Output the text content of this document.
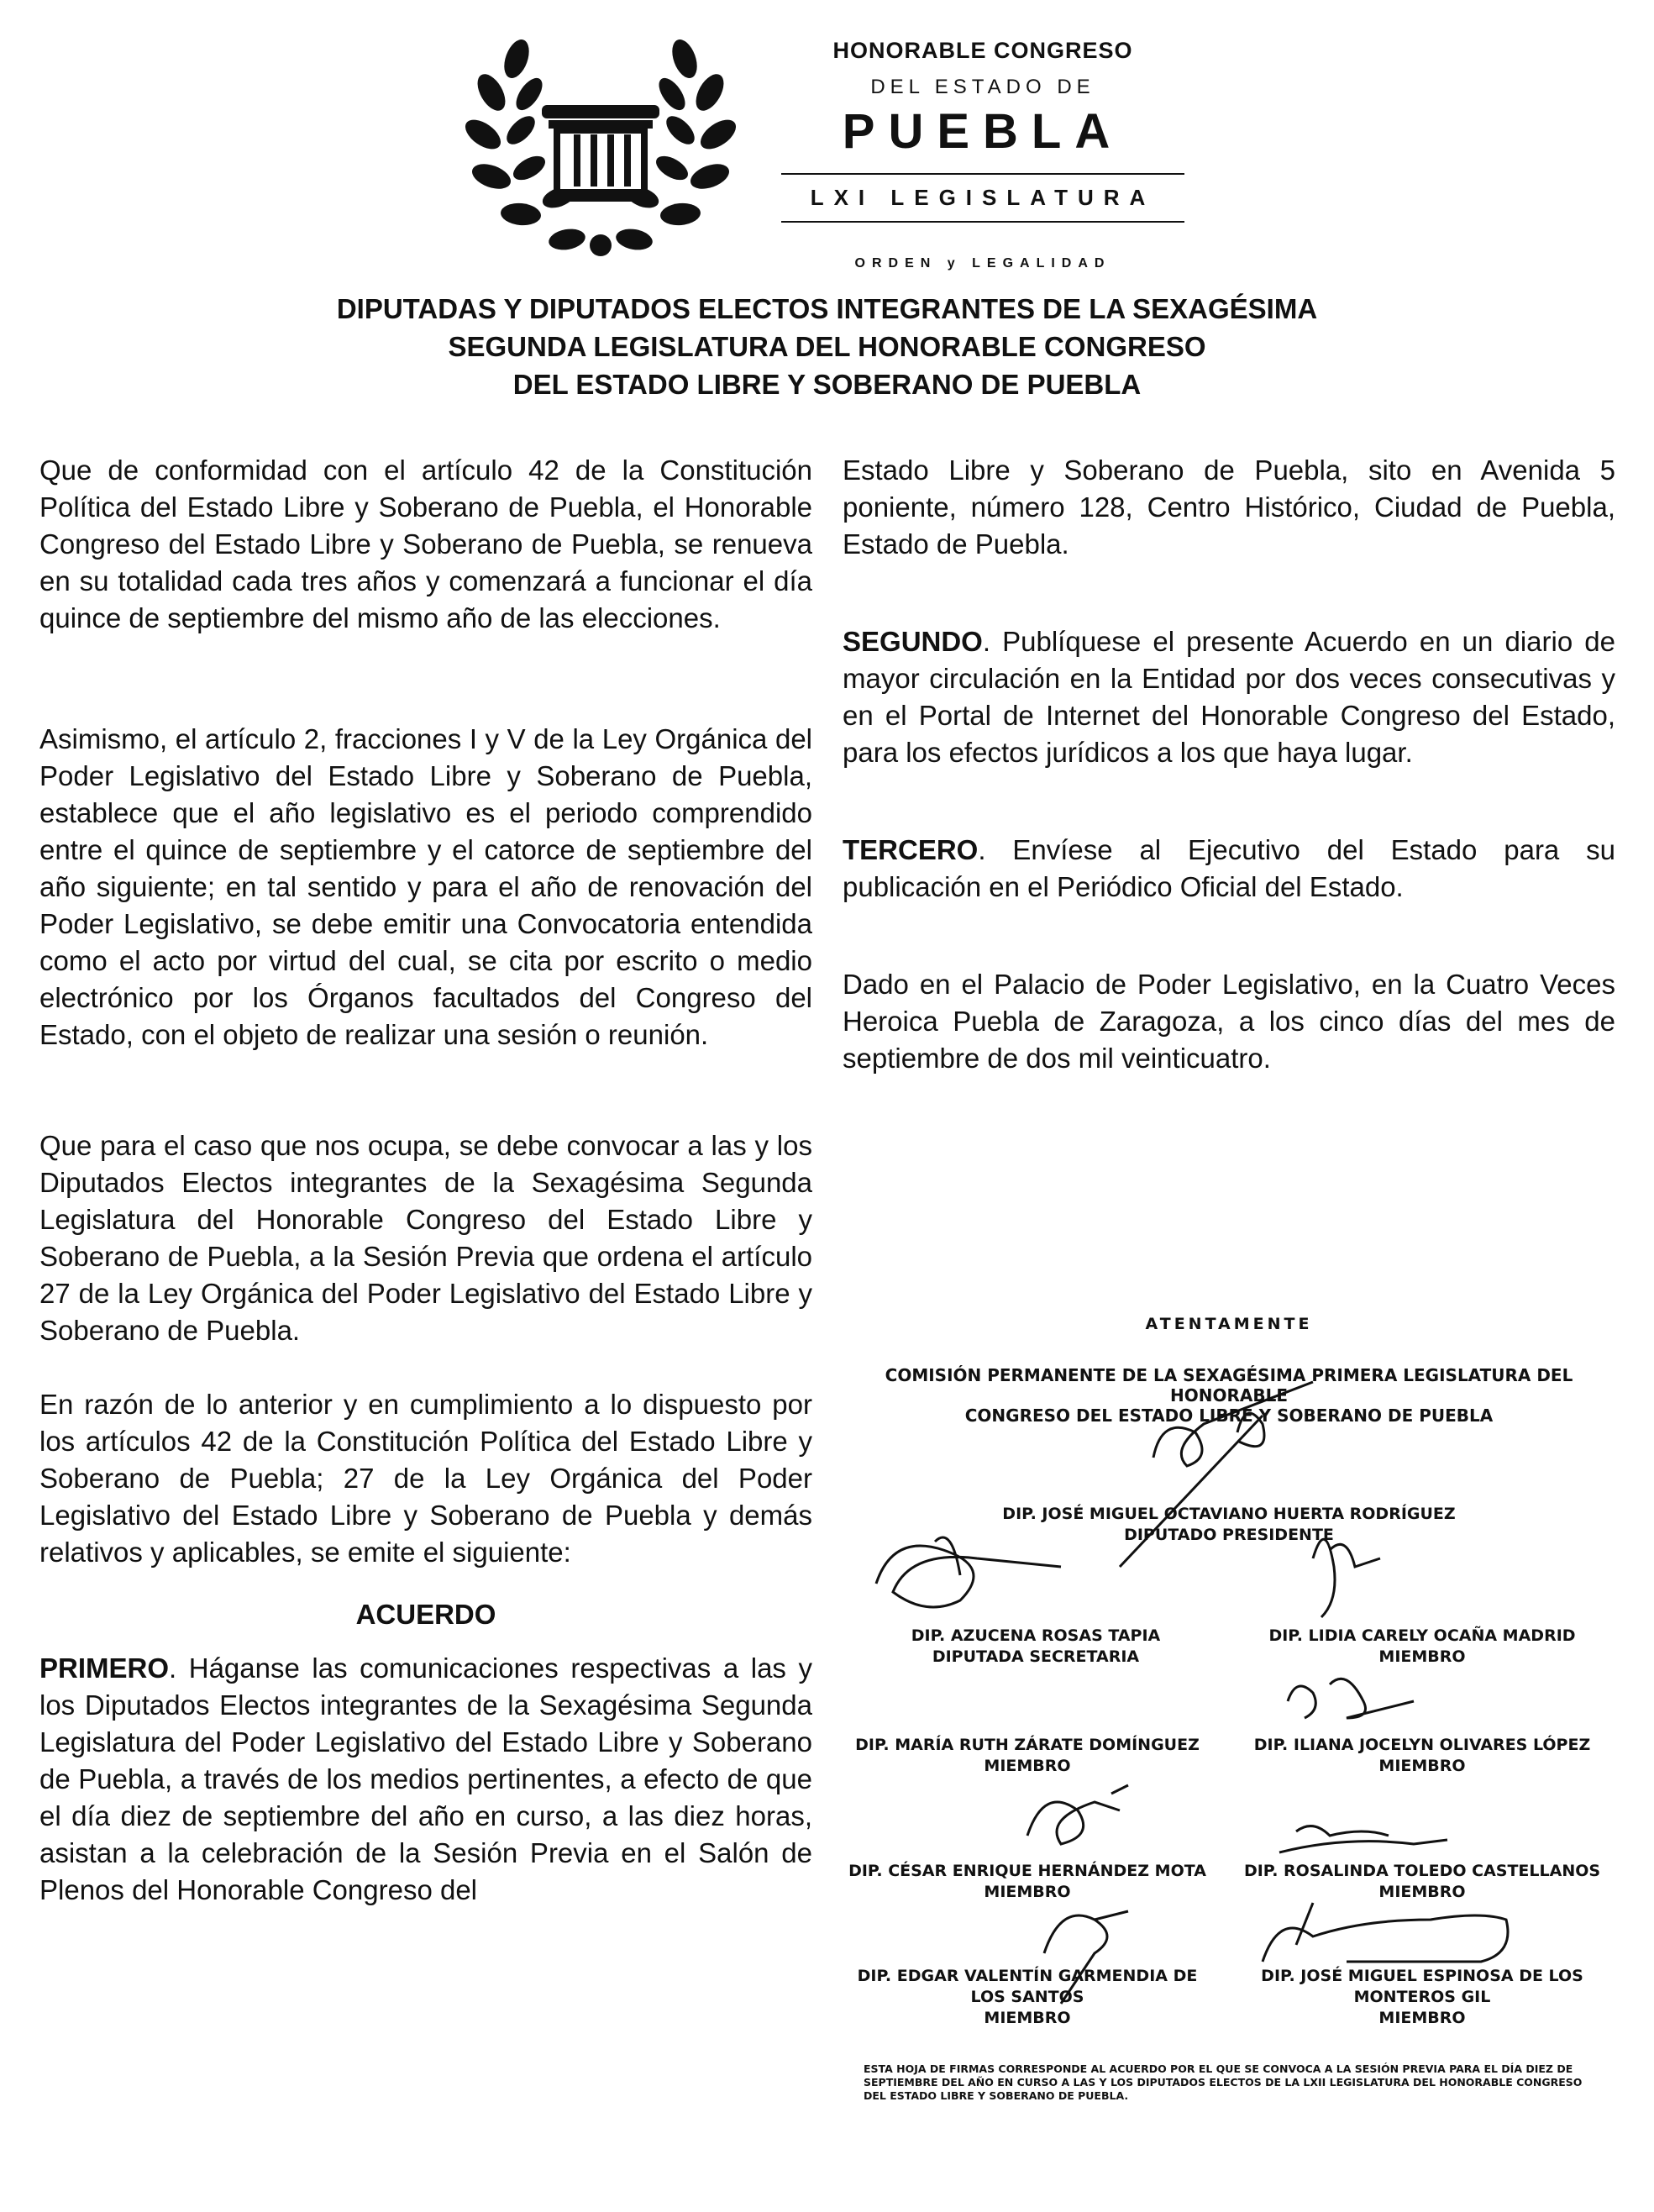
HONORABLE CONGRESO
DEL ESTADO DE
PUEBLA
LXI LEGISLATURA
ORDEN y LEGALIDAD
DIPUTADAS Y DIPUTADOS ELECTOS INTEGRANTES DE LA SEXAGÉSIMA
SEGUNDA LEGISLATURA DEL HONORABLE CONGRESO
DEL ESTADO LIBRE Y SOBERANO DE PUEBLA

Que de conformidad con el artículo 42 de la Constitución Política del Estado Libre y Soberano de Puebla, el Honorable Congreso del Estado Libre y Soberano de Puebla, se renueva en su totalidad cada tres años y comenzará a funcionar el día quince de septiembre del mismo año de las elecciones.

Asimismo, el artículo 2, fracciones I y V de la Ley Orgánica del Poder Legislativo del Estado Libre y Soberano de Puebla, establece que el año legislativo es el periodo comprendido entre el quince de septiembre y el catorce de septiembre del año siguiente; en tal sentido y para el año de renovación del Poder Legislativo, se debe emitir una Convocatoria entendida como el acto por virtud del cual, se cita por escrito o medio electrónico por los Órganos facultados del Congreso del Estado, con el objeto de realizar una sesión o reunión.

Que para el caso que nos ocupa, se debe convocar a las y los Diputados Electos integrantes de la Sexagésima Segunda Legislatura del Honorable Congreso del Estado Libre y Soberano de Puebla, a la Sesión Previa que ordena el artículo 27 de la Ley Orgánica del Poder Legislativo del Estado Libre y Soberano de Puebla.

En razón de lo anterior y en cumplimiento a lo dispuesto por los artículos 42 de la Constitución Política del Estado Libre y Soberano de Puebla; 27 de la Ley Orgánica del Poder Legislativo del Estado Libre y Soberano de Puebla y demás relativos y aplicables, se emite el siguiente:

ACUERDO

PRIMERO. Háganse las comunicaciones respectivas a las y los Diputados Electos integrantes de la Sexagésima Segunda Legislatura del Poder Legislativo del Estado Libre y Soberano de Puebla, a través de los medios pertinentes, a efecto de que el día diez de septiembre del año en curso, a las diez horas, asistan a la celebración de la Sesión Previa en el Salón de Plenos del Honorable Congreso del

Estado Libre y Soberano de Puebla, sito en Avenida 5 poniente, número 128, Centro Histórico, Ciudad de Puebla, Estado de Puebla.

SEGUNDO. Publíquese el presente Acuerdo en un diario de mayor circulación en la Entidad por dos veces consecutivas y en el Portal de Internet del Honorable Congreso del Estado, para los efectos jurídicos a los que haya lugar.

TERCERO. Envíese al Ejecutivo del Estado para su publicación en el Periódico Oficial del Estado.

Dado en el Palacio de Poder Legislativo, en la Cuatro Veces Heroica Puebla de Zaragoza, a los cinco días del mes de septiembre de dos mil veinticuatro.

ATENTAMENTE
COMISIÓN PERMANENTE DE LA SEXAGÉSIMA PRIMERA LEGISLATURA DEL HONORABLE
CONGRESO DEL ESTADO LIBRE Y SOBERANO DE PUEBLA
DIP. JOSÉ MIGUEL OCTAVIANO HUERTA RODRÍGUEZ
DIPUTADO PRESIDENTE
DIP. AZUCENA ROSAS TAPIA
DIPUTADA SECRETARIA
DIP. LIDIA CARELY OCAÑA MADRID
MIEMBRO
DIP. MARÍA RUTH ZÁRATE DOMÍNGUEZ
MIEMBRO
DIP. ILIANA JOCELYN OLIVARES LÓPEZ
MIEMBRO
DIP. CÉSAR ENRIQUE HERNÁNDEZ MOTA
MIEMBRO
DIP. ROSALINDA TOLEDO CASTELLANOS
MIEMBRO
DIP. EDGAR VALENTÍN GARMENDIA DE
LOS SANTOS
MIEMBRO
DIP. JOSÉ MIGUEL ESPINOSA DE LOS
MONTEROS GIL
MIEMBRO
ESTA HOJA DE FIRMAS CORRESPONDE AL ACUERDO POR EL QUE SE CONVOCA A LA SESIÓN PREVIA PARA EL DÍA DIEZ DE SEPTIEMBRE DEL AÑO EN CURSO A LAS Y LOS DIPUTADOS ELECTOS DE LA LXII LEGISLATURA DEL HONORABLE CONGRESO DEL ESTADO LIBRE Y SOBERANO DE PUEBLA.
